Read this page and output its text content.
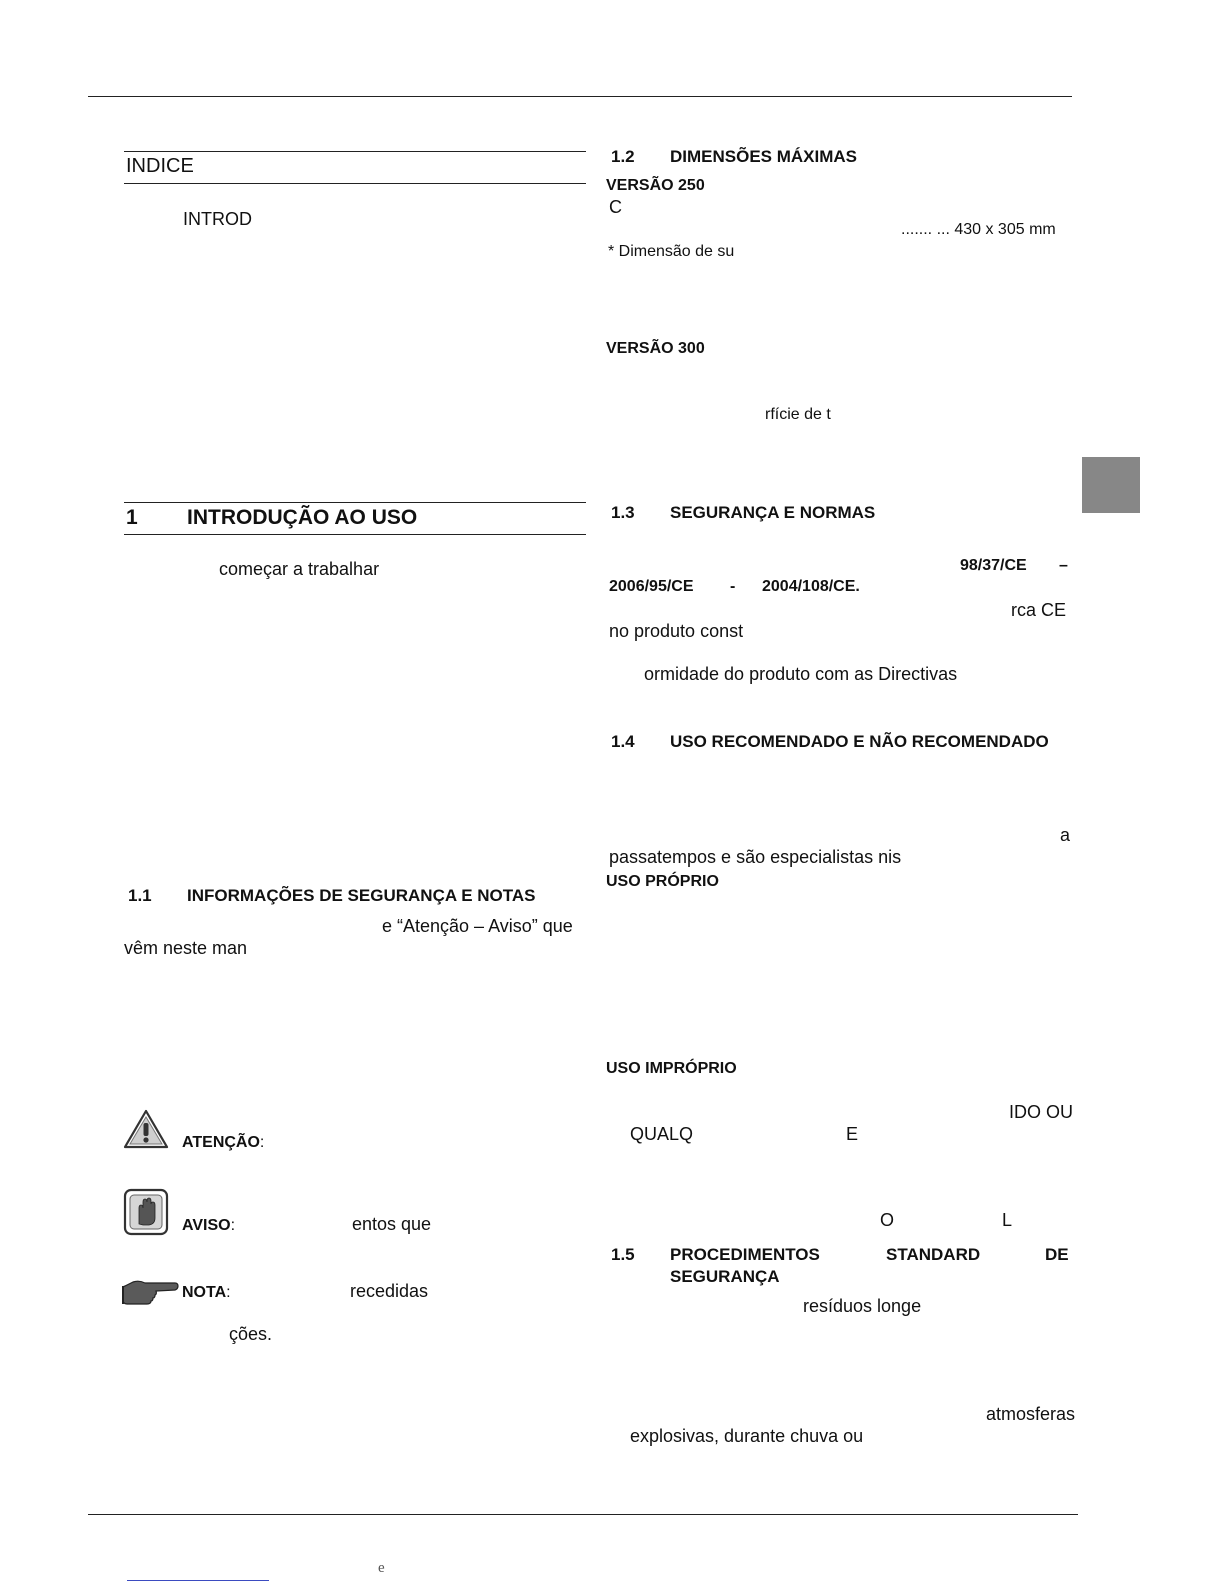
INDICE
INTROD
1 INTRODUÇÃO AO USO
começar a trabalhar
1.1 INFORMAÇÕES DE SEGURANÇA E NOTAS
e “Atenção – Aviso” que
vêm neste man
ATENÇÃO:
AVISO:	entos que
NOTA:	recedidas
ções.
1.2 DIMENSÕES MÁXIMAS
VERSÃO 250
C
....... ... 430 x 305 mm
* Dimensão de su
VERSÃO 300
rfície de t
1.3 SEGURANÇA E NORMAS
98/37/CE –
2006/95/CE - 2004/108/CE.
rca CE
no produto const
ormidade do produto com as Directivas
1.4 USO RECOMENDADO E NÃO RECOMENDADO
a
passatempos e são especialistas nis
USO PRÓPRIO
USO IMPRÓPRIO
IDO OU
QUALQ	E
O	L
1.5 PROCEDIMENTOS	STANDARD	DE
SEGURANÇA
resíduos longe
atmosferas
explosivas, durante chuva ou
e
